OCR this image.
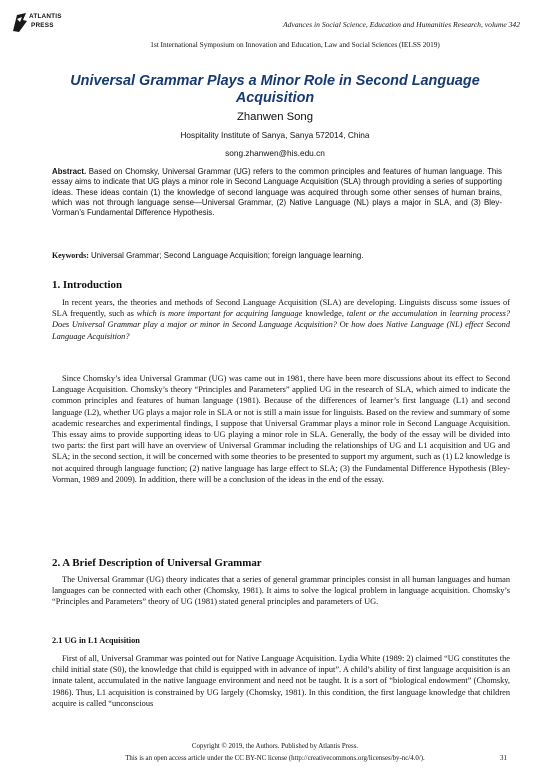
ATLANTIS
PRESS	Advances in Social Science, Education and Humanities Research, volume 342
1st International Symposium on Innovation and Education, Law and Social Sciences (IELSS 2019)
Universal Grammar Plays a Minor Role in Second Language Acquisition
Zhanwen Song
Hospitality Institute of Sanya, Sanya 572014, China
song.zhanwen@his.edu.cn
Abstract. Based on Chomsky, Universal Grammar (UG) refers to the common principles and features of human language. This essay aims to indicate that UG plays a minor role in Second Language Acquisition (SLA) through providing a series of supporting ideas. These ideas contain (1) the knowledge of second language was acquired through some other senses of human brains, which was not through language sense—Universal Grammar, (2) Native Language (NL) plays a major in SLA, and (3) Bley-Vorman’s Fundamental Difference Hypothesis.
Keywords: Universal Grammar; Second Language Acquisition; foreign language learning.
1. Introduction

In recent years, the theories and methods of Second Language Acquisition (SLA) are developing. Linguists discuss some issues of SLA frequently, such as which is more important for acquiring language knowledge, talent or the accumulation in learning process? Does Universal Grammar play a major or minor in Second Language Acquisition? Or how does Native Language (NL) effect Second Language Acquisition?

Since Chomsky’s idea Universal Grammar (UG) was came out in 1981, there have been more discussions about its effect to Second Language Acquisition. Chomsky’s theory “Principles and Parameters” applied UG in the research of SLA, which aimed to indicate the common principles and features of human language (1981). Because of the differences of learner’s first language (L1) and second language (L2), whether UG plays a major role in SLA or not is still a main issue for linguists. Based on the review and summary of some academic researches and experimental findings, I suppose that Universal Grammar plays a minor role in Second Language Acquisition. This essay aims to provide supporting ideas to UG playing a minor role in SLA. Generally, the body of the essay will be divided into two parts: the first part will have an overview of Universal Grammar including the relationships of UG and L1 acquisition and UG and SLA; in the second section, it will be concerned with some theories to be presented to support my argument, such as (1) L2 knowledge is not acquired through language function; (2) native language has large effect to SLA; (3) the Fundamental Difference Hypothesis (Bley-Vorman, 1989 and 2009). In addition, there will be a conclusion of the ideas in the end of the essay.

2. A Brief Description of Universal Grammar

The Universal Grammar (UG) theory indicates that a series of general grammar principles consist in all human languages and human languages can be connected with each other (Chomsky, 1981). It aims to solve the logical problem in language acquisition. Chomsky’s “Principles and Parameters” theory of UG (1981) stated general principles and parameters of UG.

2.1 UG in L1 Acquisition

First of all, Universal Grammar was pointed out for Native Language Acquisition. Lydia White (1989: 2) claimed “UG constitutes the child initial state (S0), the knowledge that child is equipped with in advance of input”. A child’s ability of first language acquisition is an innate talent, accumulated in the native language environment and need not be taught. It is a sort of “biological endowment” (Chomsky, 1986). Thus, L1 acquisition is constrained by UG largely (Chomsky, 1981). In this condition, the first language knowledge that children acquire is called “unconscious

Copyright © 2019, the Authors. Published by Atlantis Press.
This is an open access article under the CC BY-NC license (http://creativecommons.org/licenses/by-nc/4.0/).	31
